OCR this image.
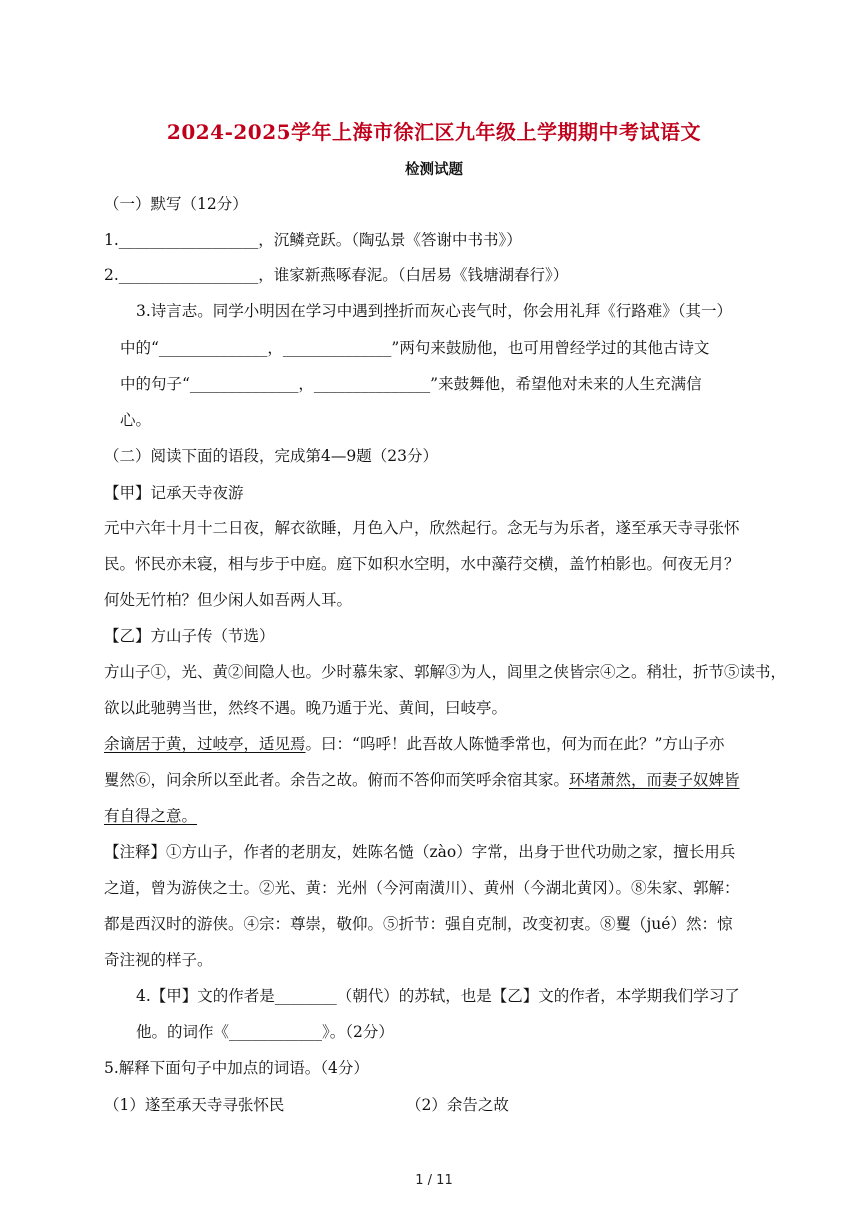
2024-2025学年上海市徐汇区九年级上学期期中考试语文
检测试题
（一）默写（12分）
1.__________________，沉鳞竞跃。（陶弘景《答谢中书书》）
2.__________________，谁家新燕啄春泥。（白居易《钱塘湖春行》）
3.诗言志。同学小明因在学习中遇到挫折而灰心丧气时，你会用礼拜《行路难》（其一）
中的“______________，______________”两句来鼓励他，也可用曾经学过的其他古诗文
中的句子“______________，_______________”来鼓舞他，希望他对未来的人生充满信
心。
（二）阅读下面的语段，完成第4—9题（23分）
【甲】记承天寺夜游
元中六年十月十二日夜，解衣欲睡，月色入户，欣然起行。念无与为乐者，遂至承天寺寻张怀
民。怀民亦未寝，相与步于中庭。庭下如积水空明，水中藻荇交横，盖竹柏影也。何夜无月？
何处无竹柏？但少闲人如吾两人耳。
【乙】方山子传（节选）
方山子①，光、黄②间隐人也。少时慕朱家、郭解③为人，闾里之侠皆宗④之。稍壮，折节⑤读书，
欲以此驰骋当世，然终不遇。晚乃遁于光、黄间，曰岐亭。
余谪居于黄，过岐亭，适见焉。曰：“呜呼！此吾故人陈慥季常也，何为而在此？”方山子亦
矍然⑥，问余所以至此者。余告之故。俯而不答仰而笑呼余宿其家。环堵萧然，而妻子奴婢皆
有自得之意。
【注释】①方山子，作者的老朋友，姓陈名慥（zào）字常，出身于世代功勋之家，擅长用兵
之道，曾为游侠之士。②光、黄：光州（今河南潢川）、黄州（今湖北黄冈）。⑧朱家、郭解：
都是西汉时的游侠。④宗：尊崇，敬仰。⑤折节：强自克制，改变初衷。⑧矍（jué）然：惊
奇注视的样子。
4.【甲】文的作者是________（朝代）的苏轼，也是【乙】文的作者，本学期我们学习了
他。的词作《____________》。（2分）
5.解释下面句子中加点的词语。（4分）
（1）遂至承天寺寻张怀民	（2）余告之故
1 / 11
